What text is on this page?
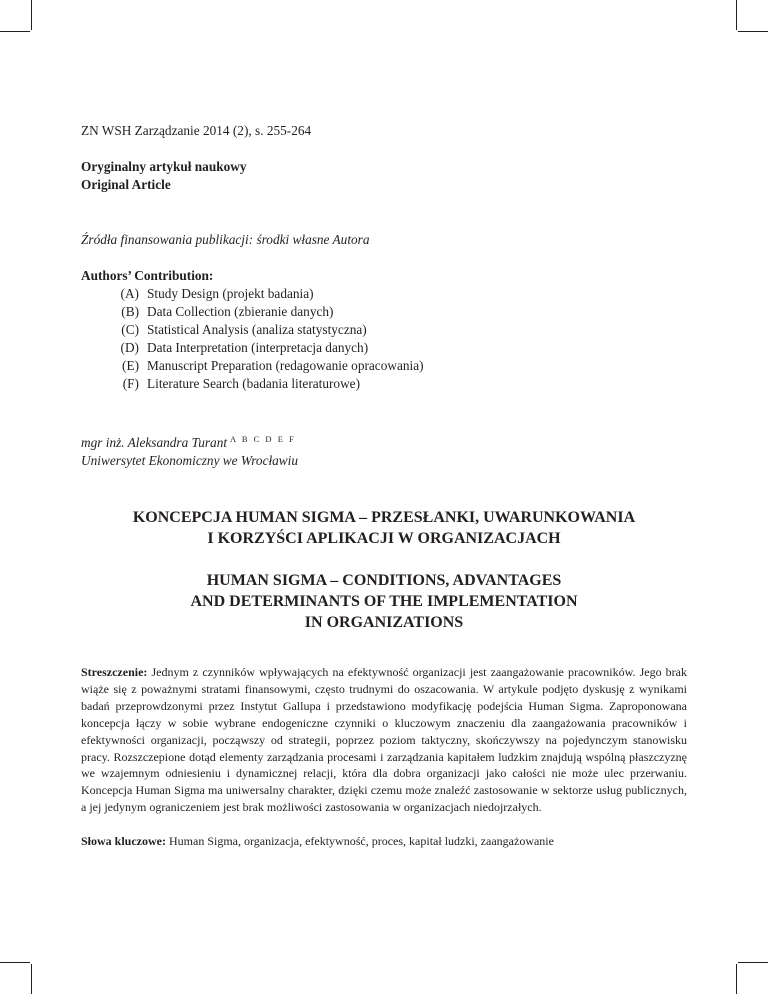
ZN WSH Zarządzanie 2014 (2), s. 255-264
Oryginalny artykuł naukowy
Original Article
Źródła finansowania publikacji: środki własne Autora
Authors’ Contribution:
(A) Study Design (projekt badania)
(B) Data Collection (zbieranie danych)
(C) Statistical Analysis (analiza statystyczna)
(D) Data Interpretation (interpretacja danych)
(E) Manuscript Preparation (redagowanie opracowania)
(F) Literature Search (badania literaturowe)
mgr inż. Aleksandra Turant $^{A B C D E F}$
Uniwersytet Ekonomiczny we Wrocławiu
KONCEPCJA HUMAN SIGMA – PRZESŁANKI, UWARUNKOWANIA
I KORZYŚCI APLIKACJI W ORGANIZACJACH
HUMAN SIGMA – CONDITIONS, ADVANTAGES
AND DETERMINANTS OF THE IMPLEMENTATION
IN ORGANIZATIONS

Streszczenie: Jednym z czynników wpływających na efektywność organizacji jest zaangażowanie pracowników. Jego brak wiąże się z poważnymi stratami finansowymi, często trudnymi do oszacowania. W artykule podjęto dyskusję z wynikami badań przeprowdzonymi przez Instytut Gallupa i przedstawiono modyfikację podejścia Human Sigma. Zaproponowana koncepcja łączy w sobie wybrane endogeniczne czynniki o kluczowym znaczeniu dla zaangażowania pracowników i efektywności organizacji, począwszy od strategii, poprzez poziom taktyczny, skończywszy na pojedynczym stanowisku pracy. Rozszczepione dotąd elementy zarządzania procesami i zarządzania kapitałem ludzkim znajdują wspólną płaszczyznę we wzajemnym odniesieniu i dynamicznej relacji, która dla dobra organizacji jako całości nie może ulec przerwaniu. Koncepcja Human Sigma ma uniwersalny charakter, dzięki czemu może znaleźć zastosowanie w sektorze usług publicznych, a jej jedynym ograniczeniem jest brak możliwości zastosowania w organizacjach niedojrzałych.

Słowa kluczowe: Human Sigma, organizacja, efektywność, proces, kapitał ludzki, zaangażowanie
